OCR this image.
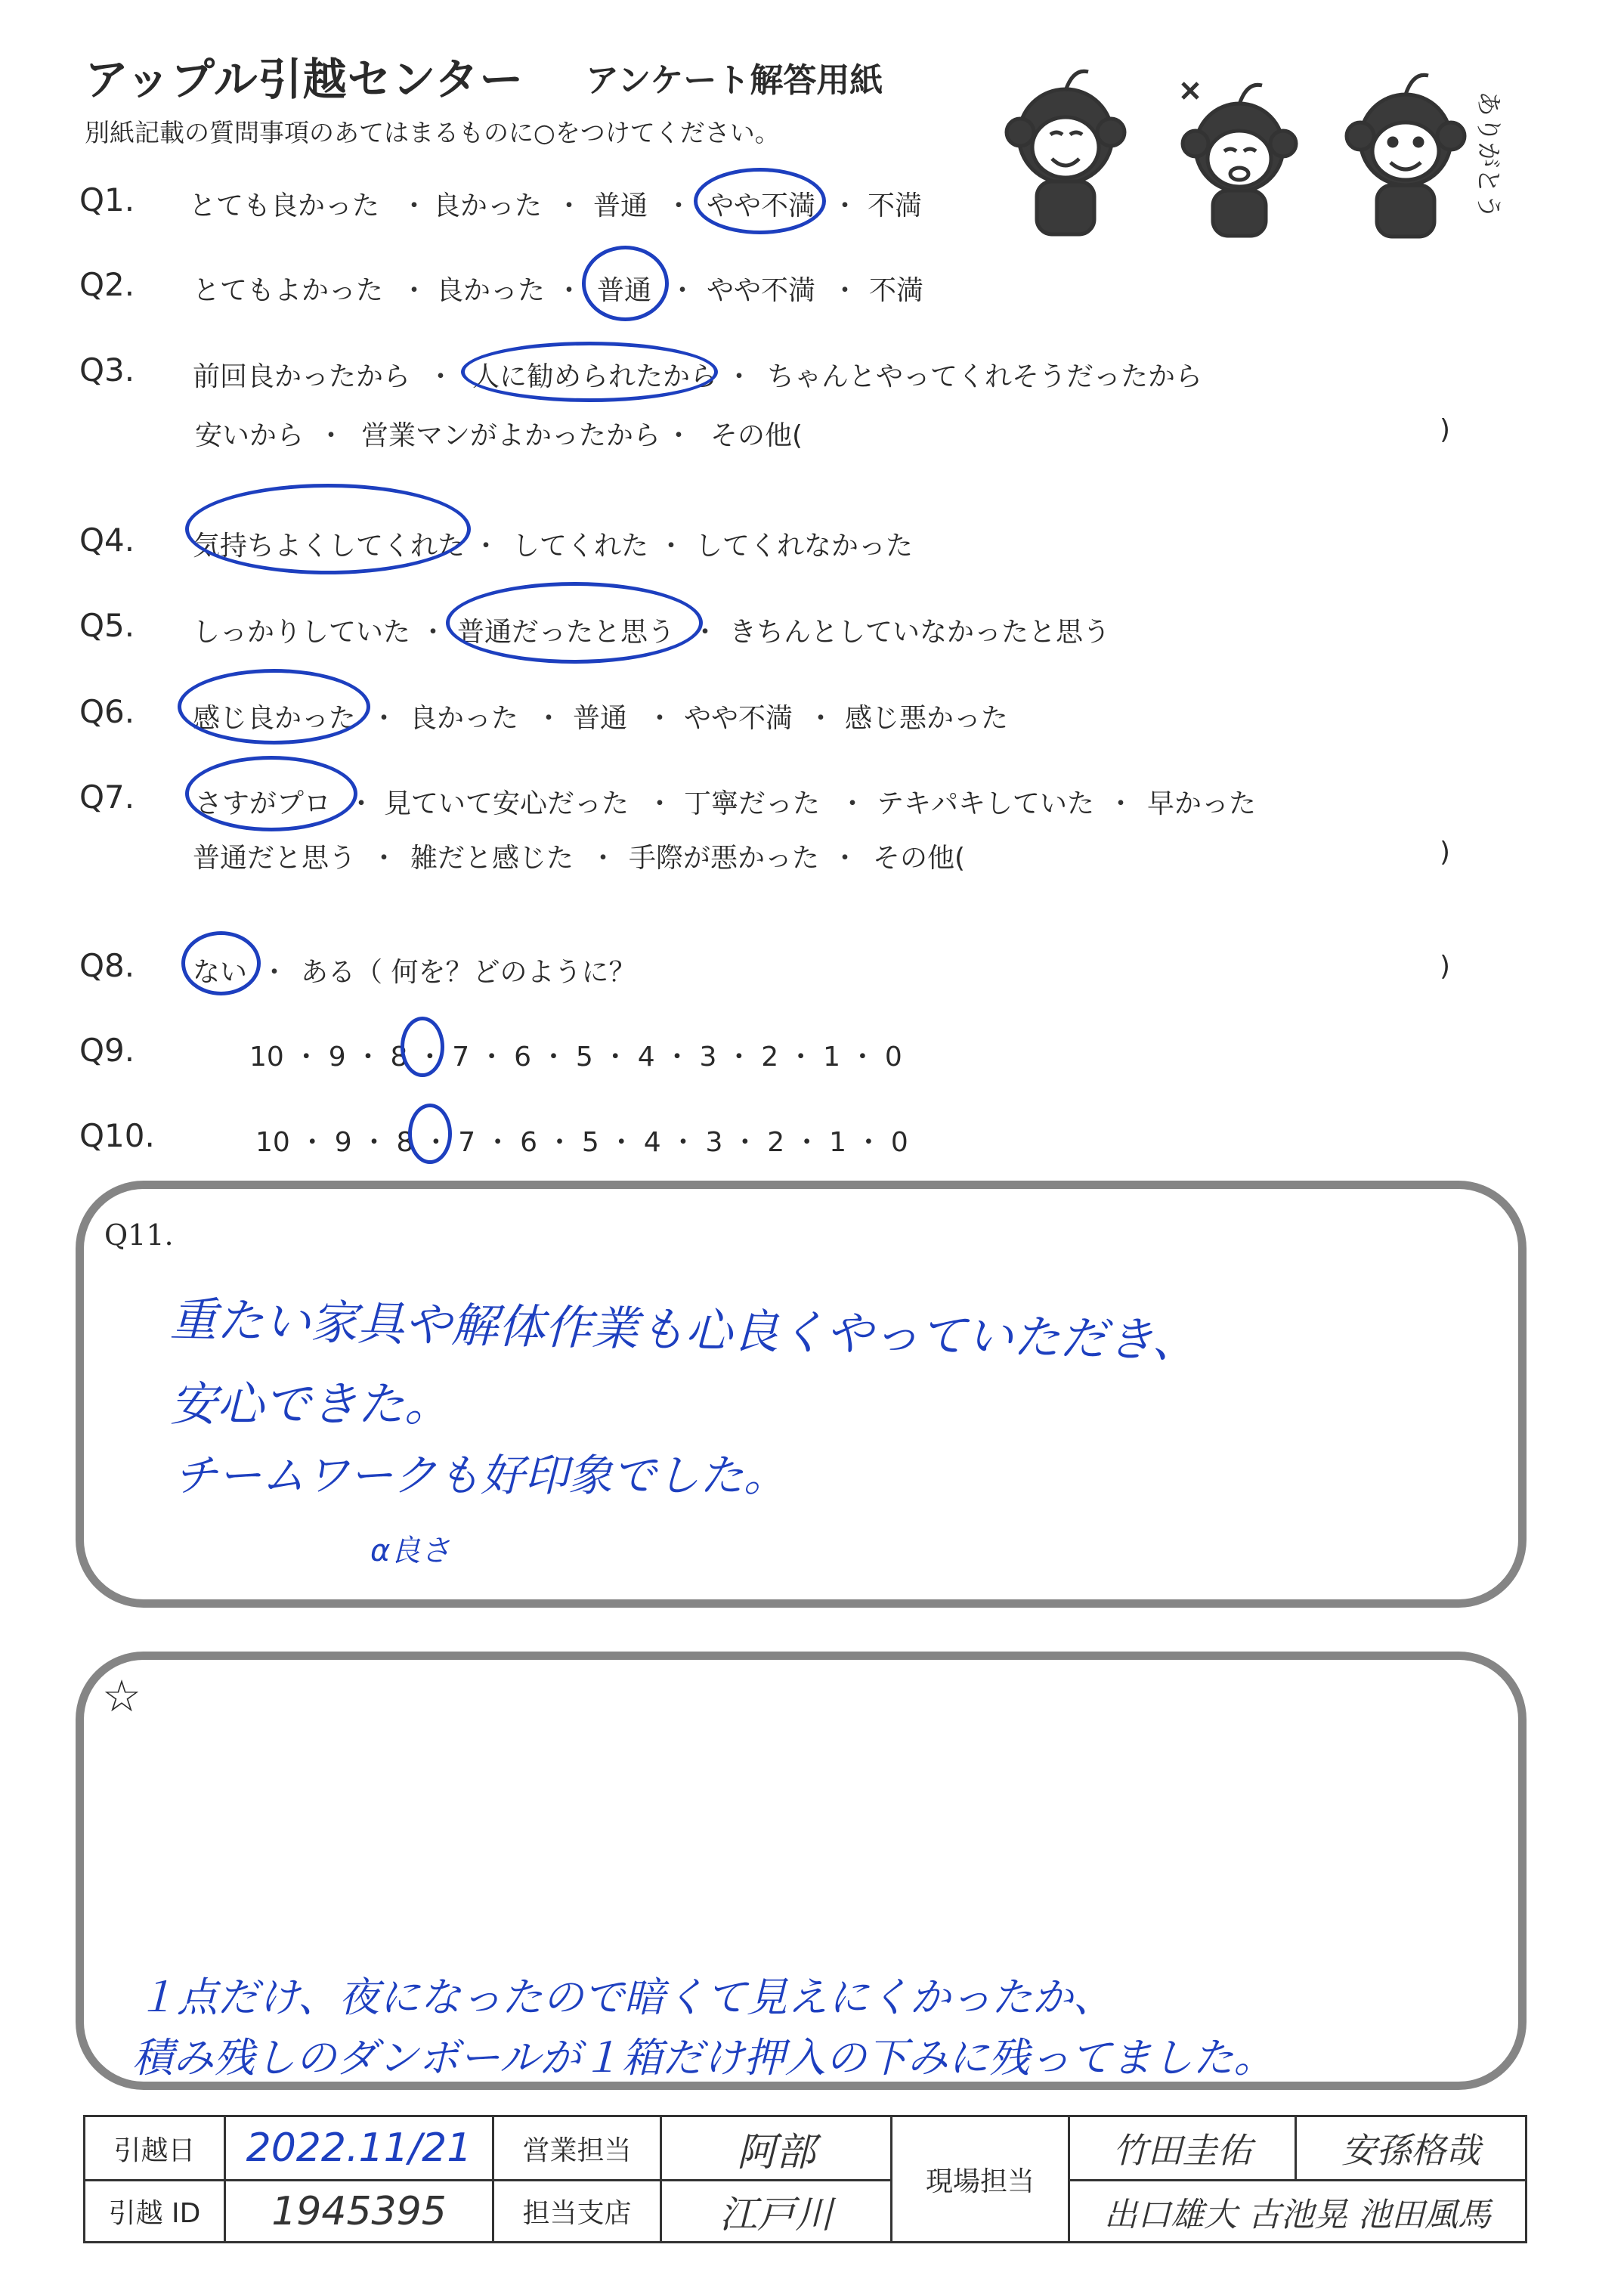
アップル引越センター アンケート解答用紙
別紙記載の質問事項のあてはまるものに○をつけてください。	ありがとう
Q1. とても良かった ・ 良かった ・ 普通 ・ やや不満 ・ 不満
Q2. とてもよかった ・ 良かった ・ 普通 ・ やや不満 ・ 不満
Q3. 前回良かったから ・ 人に勧められたから ・ ちゃんとやってくれそうだったから
安いから ・ 営業マンがよかったから ・ その他(	)
Q4. 気持ちよくしてくれた ・ してくれた ・ してくれなかった
Q5. しっかりしていた ・ 普通だったと思う ・ きちんとしていなかったと思う
Q6. 感じ良かった ・ 良かった ・ 普通 ・ やや不満 ・ 感じ悪かった
Q7. さすがプロ ・ 見ていて安心だった ・ 丁寧だった ・ テキパキしていた ・ 早かった
普通だと思う ・ 雑だと感じた ・ 手際が悪かった ・ その他(	)
Q8. ない ・ ある（ 何を？どのように？	)
Q9.	10 ・ 9 ・ 8 ・ 7 ・ 6 ・ 5 ・ 4 ・ 3 ・ 2 ・ 1 ・ 0
Q10.	10 ・ 9 ・ 8 ・ 7 ・ 6 ・ 5 ・ 4 ・ 3 ・ 2 ・ 1 ・ 0
Q11.
重たい家具や解体作業も心良くやっていただき、
安心できた。
チームワークも好印象でした。
α良さ
☆
１点だけ、夜になったので暗くて見えにくかったか、
積み残しのダンボールが１箱だけ押入の下みに残ってました。
引越日	2022.11/21	営業担当	阿部	現場担当	竹田圭佑	安孫格哉
引越 ID	1945395	担当支店	江戸川		出口雄大 古池晃 池田風馬	
